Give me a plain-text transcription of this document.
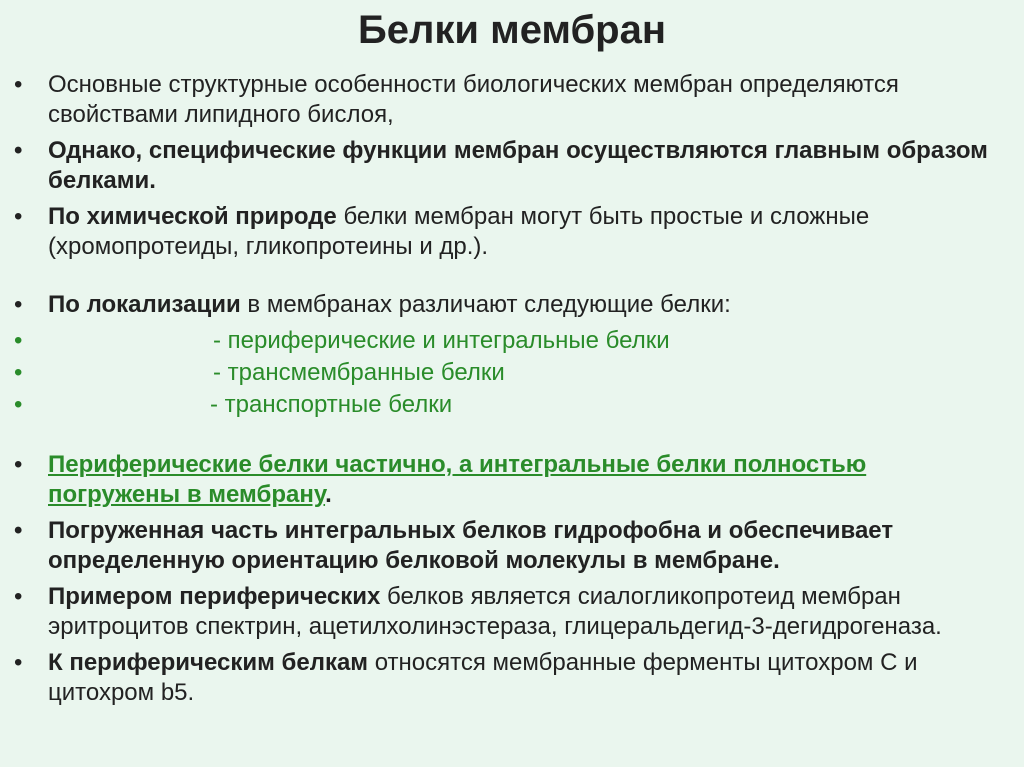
Белки мембран
• Основные структурные особенности биологических мембран определяются свойствами липидного бислоя,
• Однако, специфические функции мембран осуществляются главным образом белками.
• По химической природе белки мембран могут быть простые и сложные (хромопротеиды, гликопротеины и др.).
• По локализации в мембранах различают следующие белки:
• - периферические и интегральные белки
• - трансмембранные белки
• - транспортные белки
• Периферические белки частично, а интегральные белки полностью погружены в мембрану.
• Погруженная часть интегральных белков гидрофобна и обеспечивает определенную ориентацию белковой молекулы в мембране.
• Примером периферических белков является сиалогликопротеид мембран эритроцитов спектрин, ацетилхолинэстераза, глицеральдегид-3-дегидрогеназа.
• К периферическим белкам относятся мембранные ферменты цитохром С и цитохром b5.
